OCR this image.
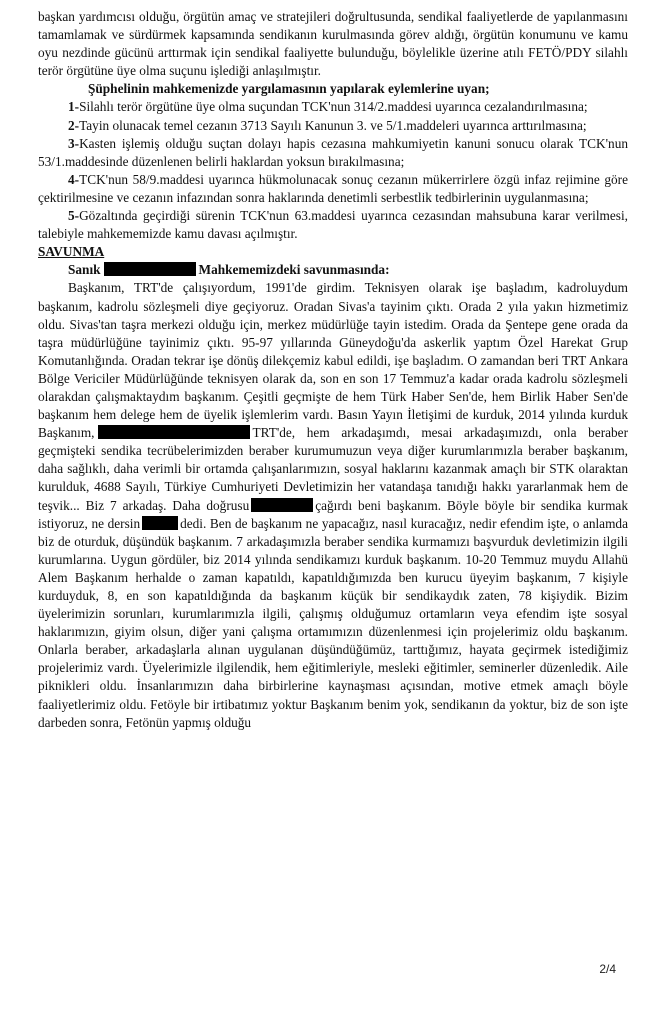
başkan yardımcısı olduğu, örgütün amaç ve stratejileri doğrultusunda, sendikal faaliyetlerde de yapılanmasını tamamlamak ve sürdürmek kapsamında sendikanın kurulmasında görev aldığı, örgütün konumunu ve kamu oyu nezdinde gücünü arttırmak için sendikal faaliyette bulunduğu, böylelikle üzerine atılı FETÖ/PDY silahlı terör örgütüne üye olma suçunu işlediği anlaşılmıştır.

Şüphelinin mahkemenizde yargılamasının yapılarak eylemlerine uyan;

1-Silahlı terör örgütüne üye olma suçundan TCK'nun 314/2.maddesi uyarınca cezalandırılmasına;

2-Tayin olunacak temel cezanın 3713 Sayılı Kanunun 3. ve 5/1.maddeleri uyarınca arttırılmasına;

3-Kasten işlemiş olduğu suçtan dolayı hapis cezasına mahkumiyetin kanuni sonucu olarak TCK'nun 53/1.maddesinde düzenlenen belirli haklardan yoksun bırakılmasına;

4-TCK'nun 58/9.maddesi uyarınca hükmolunacak sonuç cezanın mükerrirlere özgü infaz rejimine göre çektirilmesine ve cezanın infazından sonra haklarında denetimli serbestlik tedbirlerinin uygulanmasına;

5-Gözaltında geçirdiği sürenin TCK'nun 63.maddesi uyarınca cezasından mahsubuna karar verilmesi, talebiyle mahkememizde kamu davası açılmıştır.

SAVUNMA

Sanık	Mahkememizdeki savunmasında:

Başkanım, TRT'de çalışıyordum, 1991'de girdim. Teknisyen olarak işe başladım, kadroluydum başkanım, kadrolu sözleşmeli diye geçiyoruz. Oradan Sivas'a tayinim çıktı. Orada 2 yıla yakın hizmetimiz oldu. Sivas'tan taşra merkezi olduğu için, merkez müdürlüğe tayin istedim. Orada da Şentepe gene orada da taşra müdürlüğüne tayinimiz çıktı. 95-97 yıllarında Güneydoğu'da askerlik yaptım Özel Harekat Grup Komutanlığında. Oradan tekrar işe dönüş dilekçemiz kabul edildi, işe başladım. O zamandan beri TRT Ankara Bölge Vericiler Müdürlüğünde teknisyen olarak da, son en son 17 Temmuz'a kadar orada kadrolu sözleşmeli olarakdan çalışmaktaydım başkanım. Çeşitli geçmişte de hem Türk Haber Sen'de, hem Birlik Haber Sen'de başkanım hem delege hem de üyelik işlemlerim vardı. Basın Yayın İletişimi de kurduk, 2014 yılında kurduk Başkanım,	TRT'de, hem arkadaşımdı, mesai arkadaşımızdı, onla beraber geçmişteki sendika tecrübelerimizden beraber kurumumuzun veya diğer kurumlarımızla beraber başkanım, daha sağlıklı, daha verimli bir ortamda çalışanlarımızın, sosyal haklarını kazanmak amaçlı bir STK olaraktan kurulduk, 4688 Sayılı, Türkiye Cumhuriyeti Devletimizin her vatandaşa tanıdığı hakkı yararlanmak hem de teşvik... Biz 7 arkadaş. Daha doğrusu	çağırdı beni başkanım. Böyle böyle bir sendika kurmak istiyoruz, ne dersin	dedi. Ben de başkanım ne yapacağız, nasıl kuracağız, nedir efendim işte, o anlamda biz de oturduk, düşündük başkanım. 7 arkadaşımızla beraber sendika kurmamızı başvurduk devletimizin ilgili kurumlarına. Uygun gördüler, biz 2014 yılında sendikamızı kurduk başkanım. 10-20 Temmuz muydu Allahü Alem Başkanım herhalde o zaman kapatıldı, kapatıldığımızda ben kurucu üyeyim başkanım, 7 kişiyle kurduyduk, 8, en son kapatıldığında da başkanım küçük bir sendikaydık zaten, 78 kişiydik. Bizim üyelerimizin sorunları, kurumlarımızla ilgili, çalışmış olduğumuz ortamların veya efendim işte sosyal haklarımızın, giyim olsun, diğer yani çalışma ortamımızın düzenlenmesi için projelerimiz oldu başkanım. Onlarla beraber, arkadaşlarla alınan uygulanan düşündüğümüz, tarttığımız, hayata geçirmek istediğimiz projelerimiz vardı. Üyelerimizle ilgilendik, hem eğitimleriyle, mesleki eğitimler, seminerler düzenledik. Aile piknikleri oldu. İnsanlarımızın daha birbirlerine kaynaşması açısından, motive etmek amaçlı böyle faaliyetlerimiz oldu. Fetöyle bir irtibatımız yoktur Başkanım benim yok, sendikanın da yoktur, biz de son işte darbeden sonra, Fetönün yapmış olduğu

2/4
